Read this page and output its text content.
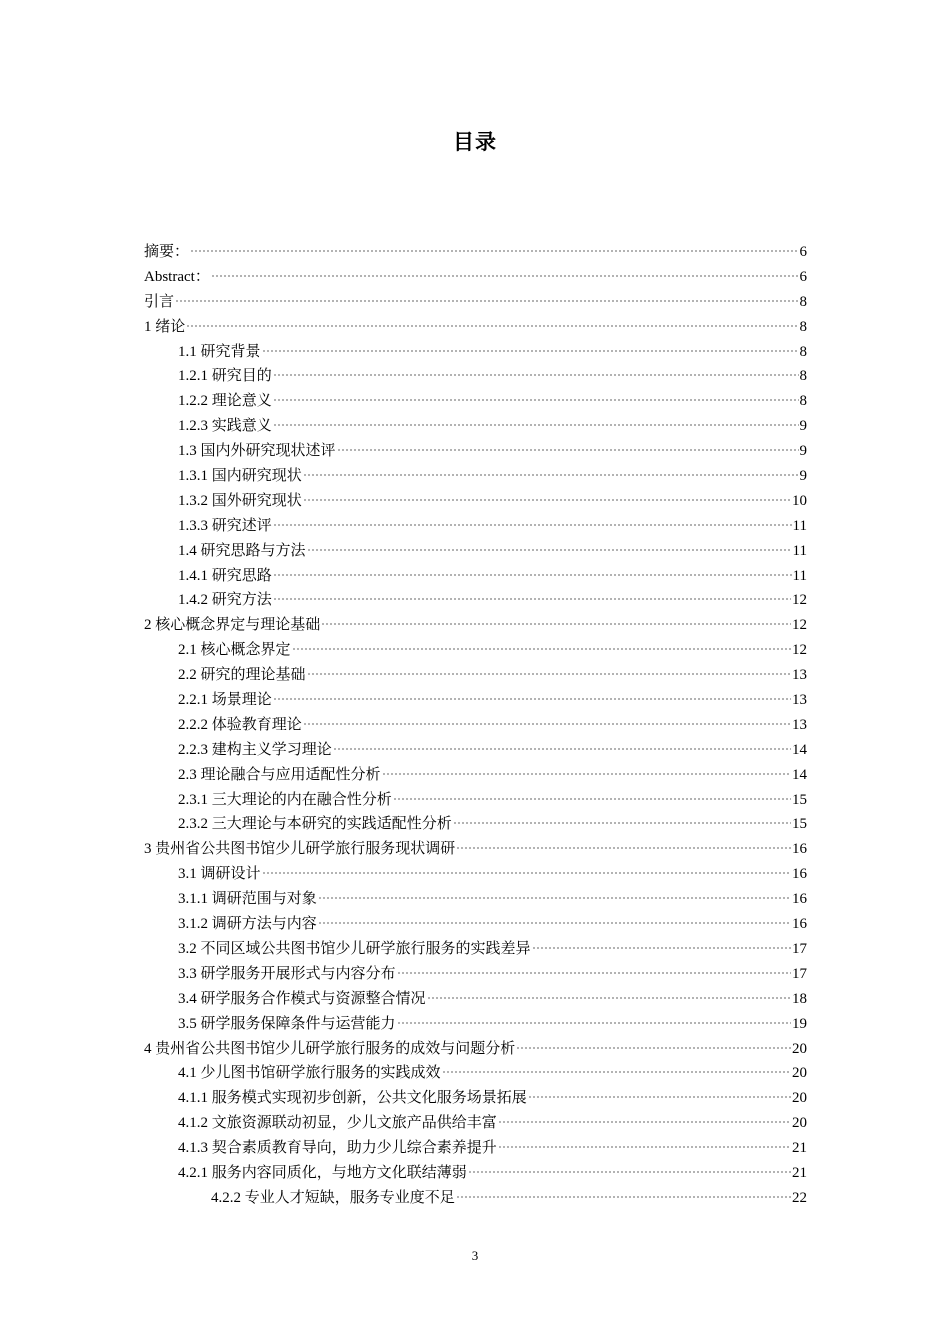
目录
摘要：	6
Abstract：	6
引言	8
1 绪论	8
1.1 研究背景	8
1.2.1 研究目的	8
1.2.2 理论意义	8
1.2.3 实践意义	9
1.3 国内外研究现状述评	9
1.3.1 国内研究现状	9
1.3.2 国外研究现状	10
1.3.3 研究述评	11
1.4 研究思路与方法	11
1.4.1 研究思路	11
1.4.2 研究方法	12
2 核心概念界定与理论基础	12
2.1 核心概念界定	12
2.2 研究的理论基础	13
2.2.1 场景理论	13
2.2.2 体验教育理论	13
2.2.3 建构主义学习理论	14
2.3 理论融合与应用适配性分析	14
2.3.1 三大理论的内在融合性分析	15
2.3.2 三大理论与本研究的实践适配性分析	15
3 贵州省公共图书馆少儿研学旅行服务现状调研	16
3.1 调研设计	16
3.1.1 调研范围与对象	16
3.1.2 调研方法与内容	16
3.2 不同区域公共图书馆少儿研学旅行服务的实践差异	17
3.3 研学服务开展形式与内容分布	17
3.4 研学服务合作模式与资源整合情况	18
3.5 研学服务保障条件与运营能力	19
4 贵州省公共图书馆少儿研学旅行服务的成效与问题分析	20
4.1 少儿图书馆研学旅行服务的实践成效	20
4.1.1 服务模式实现初步创新，公共文化服务场景拓展	20
4.1.2 文旅资源联动初显，少儿文旅产品供给丰富	20
4.1.3 契合素质教育导向，助力少儿综合素养提升	21
4.2.1 服务内容同质化，与地方文化联结薄弱	21
4.2.2 专业人才短缺，服务专业度不足	22
3
